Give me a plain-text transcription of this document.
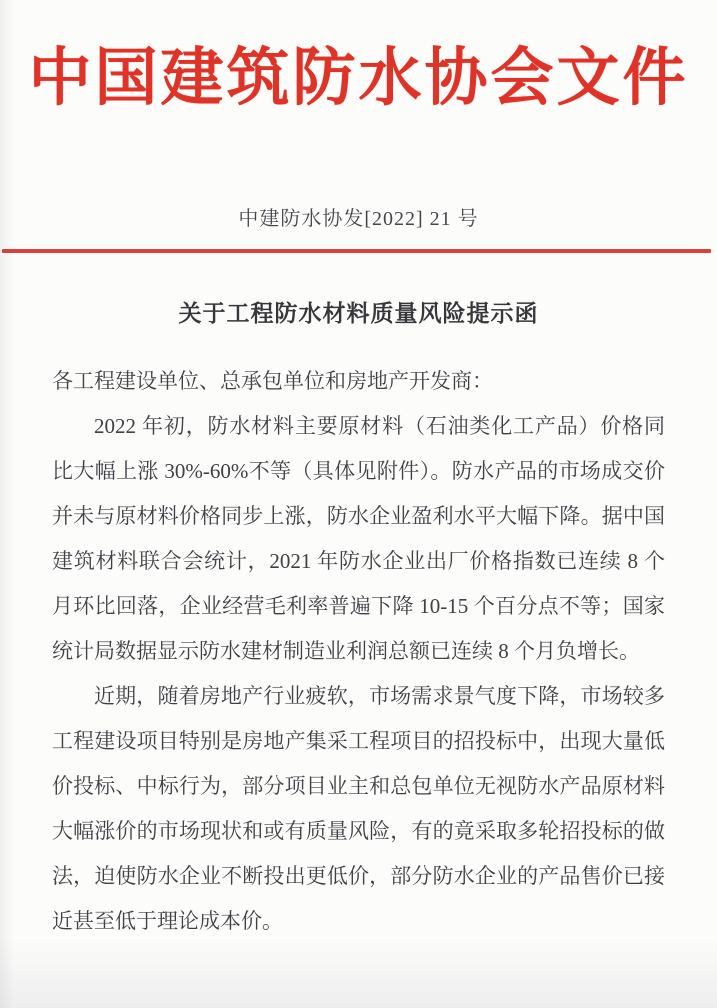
中国建筑防水协会文件
中建防水协发[2022] 21 号
关于工程防水材料质量风险提示函

各工程建设单位、总承包单位和房地产开发商：

2022 年初，防水材料主要原材料（石油类化工产品）价格同比大幅上涨 30%-60%不等（具体见附件）。防水产品的市场成交价并未与原材料价格同步上涨，防水企业盈利水平大幅下降。据中国建筑材料联合会统计，2021 年防水企业出厂价格指数已连续 8 个月环比回落，企业经营毛利率普遍下降 10-15 个百分点不等；国家统计局数据显示防水建材制造业利润总额已连续 8 个月负增长。

近期，随着房地产行业疲软，市场需求景气度下降，市场较多工程建设项目特别是房地产集采工程项目的招投标中，出现大量低价投标、中标行为，部分项目业主和总包单位无视防水产品原材料大幅涨价的市场现状和或有质量风险，有的竟采取多轮招投标的做法，迫使防水企业不断投出更低价，部分防水企业的产品售价已接近甚至低于理论成本价。
